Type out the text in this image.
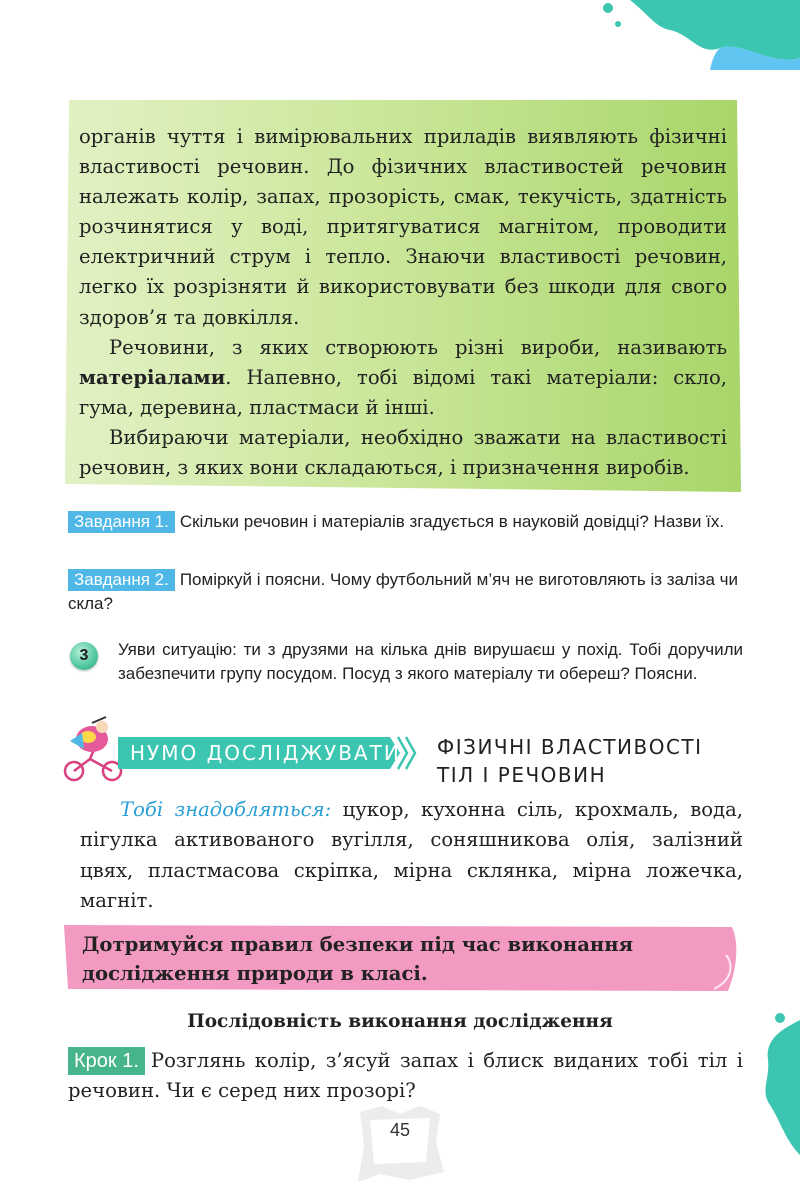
органів чуття і вимірювальних приладів виявляють фізичні властивості речовин. До фізичних властивостей речовин належать колір, запах, прозорість, смак, текучість, здатність розчинятися у воді, притягуватися магнітом, проводити електричний струм і тепло. Знаючи властивості речовин, легко їх розрізняти й використовувати без шкоди для свого здоров’я та довкілля.

Речовини, з яких створюють різні вироби, називають матеріалами. Напевно, тобі відомі такі матеріали: скло, гума, деревина, пластмаси й інші.

Вибираючи матеріали, необхідно зважати на властивості речовин, з яких вони складаються, і призначення виробів.

Завдання 1. Скільки речовин і матеріалів згадується в науковій довідці? Назви їх.
Завдання 2. Поміркуй і поясни. Чому футбольний м’яч не виготовляють із заліза чи скла?
3	Уяви ситуацію: ти з друзями на кілька днів вирушаєш у похід. Тобі доручили забезпечити групу посудом. Посуд з якого матеріалу ти обереш? Поясни.
НУМО ДОСЛІДЖУВАТИ ФІЗИЧНІ ВЛАСТИВОСТІ
ТІЛ І РЕЧОВИН
Тобі знадобляться: цукор, кухонна сіль, крохмаль, вода, пігулка активованого вугілля, соняшникова олія, залізний цвях, пластмасова скріпка, мірна склянка, мірна ложечка, магніт.
Дотримуйся правил безпеки під час виконання дослідження природи в класі.
Послідовність виконання дослідження
Крок 1. Розглянь колір, з’ясуй запах і блиск виданих тобі тіл і речовин. Чи є серед них прозорі?
45
